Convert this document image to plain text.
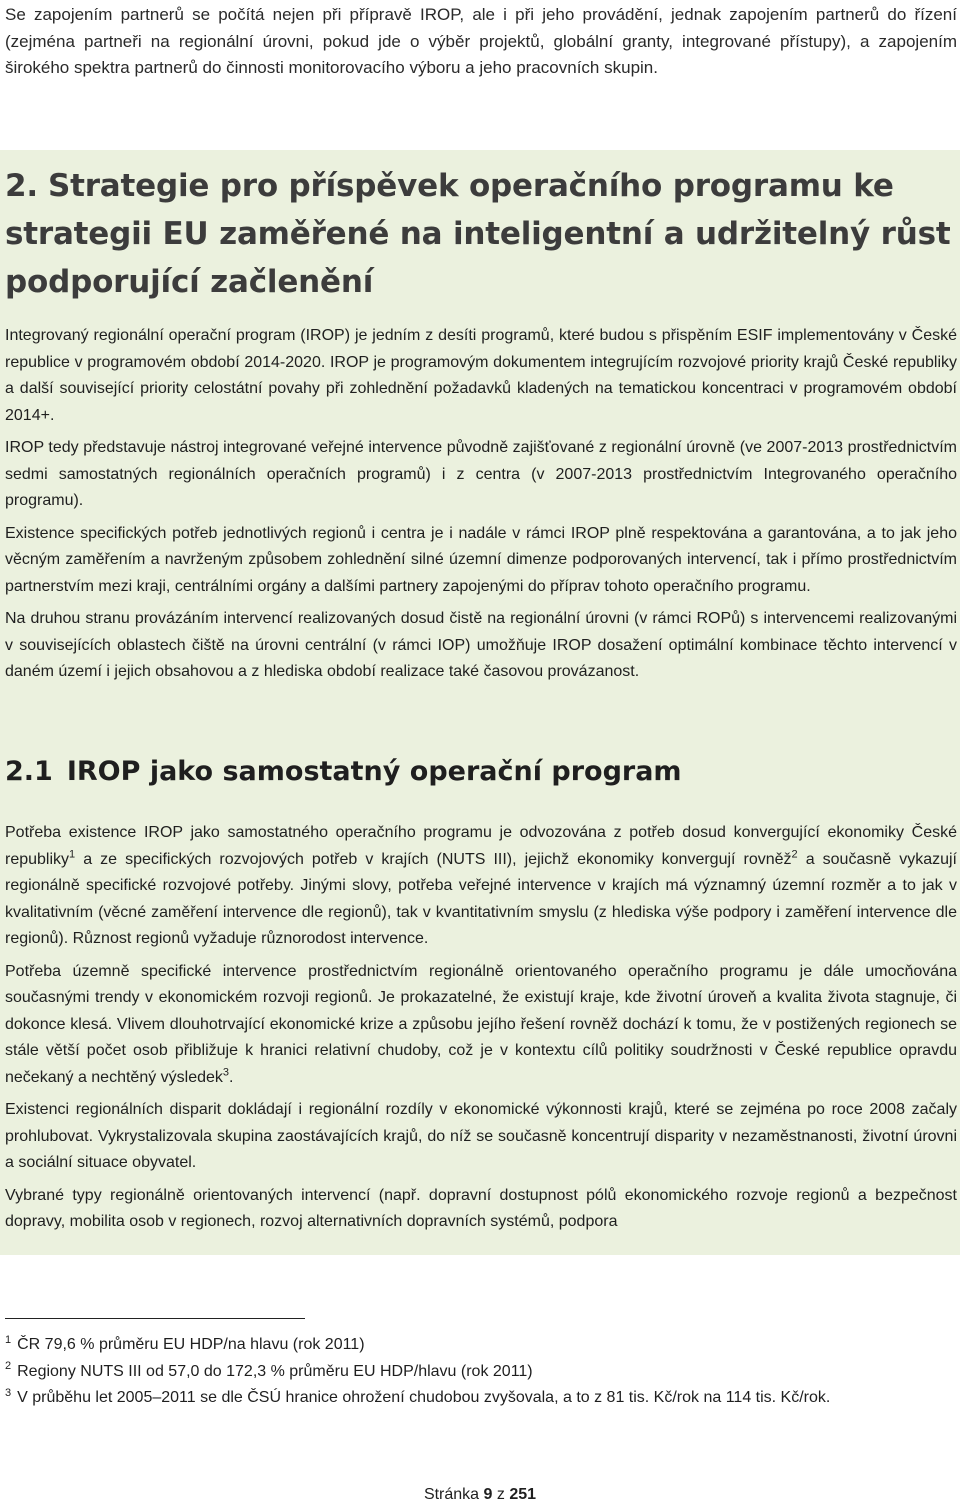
Se zapojením partnerů se počítá nejen při přípravě IROP, ale i při jeho provádění, jednak zapojením partnerů do řízení (zejména partneři na regionální úrovni, pokud jde o výběr projektů, globální granty, integrované přístupy), a zapojením širokého spektra partnerů do činnosti monitorovacího výboru a jeho pracovních skupin.
2. Strategie pro příspěvek operačního programu ke strategii EU zaměřené na inteligentní a udržitelný růst podporující začlenění

Integrovaný regionální operační program (IROP) je jedním z desíti programů, které budou s přispěním ESIF implementovány v České republice v programovém období 2014-2020. IROP je programovým dokumentem integrujícím rozvojové priority krajů České republiky a další související priority celostátní povahy při zohlednění požadavků kladených na tematickou koncentraci v programovém období 2014+.

IROP tedy představuje nástroj integrované veřejné intervence původně zajišťované z regionální úrovně (ve 2007-2013 prostřednictvím sedmi samostatných regionálních operačních programů) i z centra (v 2007-2013 prostřednictvím Integrovaného operačního programu).

Existence specifických potřeb jednotlivých regionů i centra je i nadále v rámci IROP plně respektována a garantována, a to jak jeho věcným zaměřením a navrženým způsobem zohlednění silné územní dimenze podporovaných intervencí, tak i přímo prostřednictvím partnerstvím mezi kraji, centrálními orgány a dalšími partnery zapojenými do příprav tohoto operačního programu.

Na druhou stranu provázáním intervencí realizovaných dosud čistě na regionální úrovni (v rámci ROPů) s intervencemi realizovanými v souvisejících oblastech čiště na úrovni centrální (v rámci IOP) umožňuje IROP dosažení optimální kombinace těchto intervencí v daném území i jejich obsahovou a z hlediska období realizace také časovou provázanost.

2.1 IROP jako samostatný operační program

Potřeba existence IROP jako samostatného operačního programu je odvozována z potřeb dosud konvergující ekonomiky České republiky$^1$ a ze specifických rozvojových potřeb v krajích (NUTS III), jejichž ekonomiky konvergují rovněž$^2$ a současně vykazují regionálně specifické rozvojové potřeby. Jinými slovy, potřeba veřejné intervence v krajích má významný územní rozměr a to jak v kvalitativním (věcné zaměření intervence dle regionů), tak v kvantitativním smyslu (z hlediska výše podpory i zaměření intervence dle regionů). Různost regionů vyžaduje různorodost intervence.

Potřeba územně specifické intervence prostřednictvím regionálně orientovaného operačního programu je dále umocňována současnými trendy v ekonomickém rozvoji regionů. Je prokazatelné, že existují kraje, kde životní úroveň a kvalita života stagnuje, či dokonce klesá. Vlivem dlouhotrvající ekonomické krize a způsobu jejího řešení rovněž dochází k tomu, že v postižených regionech se stále větší počet osob přibližuje k hranici relativní chudoby, což je v kontextu cílů politiky soudržnosti v České republice opravdu nečekaný a nechtěný výsledek$^3$.

Existenci regionálních disparit dokládají i regionální rozdíly v ekonomické výkonnosti krajů, které se zejména po roce 2008 začaly prohlubovat. Vykrystalizovala skupina zaostávajících krajů, do níž se současně koncentrují disparity v nezaměstnanosti, životní úrovni a sociální situace obyvatel.

Vybrané typy regionálně orientovaných intervencí (např. dopravní dostupnost pólů ekonomického rozvoje regionů a bezpečnost dopravy, mobilita osob v regionech, rozvoj alternativních dopravních systémů, podpora

$^1$ ČR 79,6 % průměru EU HDP/na hlavu (rok 2011)

$^2$ Regiony NUTS III od 57,0 do 172,3 % průměru EU HDP/hlavu (rok 2011)

$^3$ V průběhu let 2005–2011 se dle ČSÚ hranice ohrožení chudobou zvyšovala, a to z 81 tis. Kč/rok na 114 tis. Kč/rok.

Stránka 9 z 251
